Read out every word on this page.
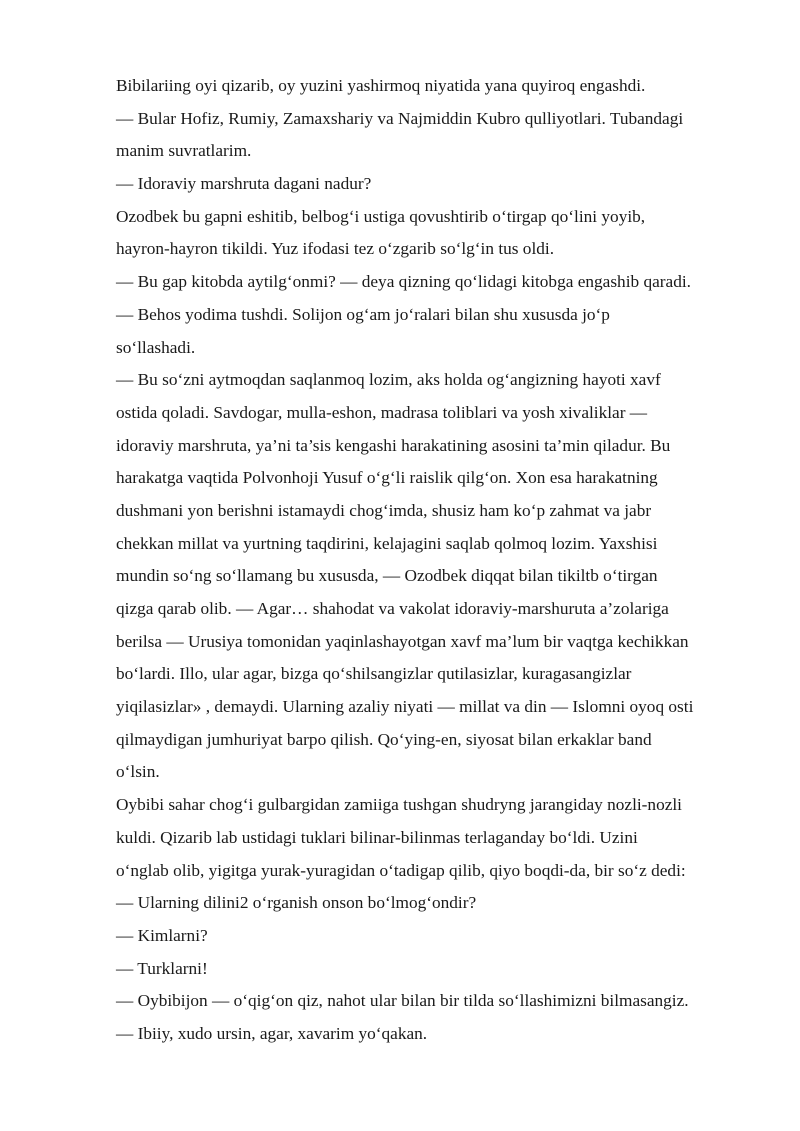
Bibilariing oyi qizarib, oy yuzini yashirmoq niyatida yana quyiroq engashdi.
— Bular Hofiz, Rumiy, Zamaxshariy va Najmiddin Kubro qulliyotlari. Tubandagi
manim suvratlarim.
— Idoraviy marshruta dagani nadur?
Ozodbek bu gapni eshitib, belbogʻi ustiga qovushtirib oʻtirgap qoʻlini yoyib,
hayron-hayron tikildi. Yuz ifodasi tez oʻzgarib soʻlgʻin tus oldi.
— Bu gap kitobda aytilgʻonmi? — deya qizning qoʻlidagi kitobga engashib qaradi.
— Behos yodima tushdi. Solijon ogʻam joʻralari bilan shu xususda joʻp
soʻllashadi.
— Bu soʻzni aytmoqdan saqlanmoq lozim, aks holda ogʻangizning hayoti xavf
ostida qoladi. Savdogar, mulla-eshon, madrasa toliblari va yosh xivaliklar —
idoraviy marshruta, ya’ni ta’sis kengashi harakatining asosini ta’min qiladur. Bu
harakatga vaqtida Polvonhoji Yusuf oʻgʻli raislik qilgʻon. Xon esa harakatning
dushmani yon berishni istamaydi chogʻimda, shusiz ham koʻp zahmat va jabr
chekkan millat va yurtning taqdirini, kelajagini saqlab qolmoq lozim. Yaxshisi
mundin soʻng soʻllamang bu xususda, — Ozodbek diqqat bilan tikiltb oʻtirgan
qizga qarab olib. — Agar… shahodat va vakolat idoraviy-marshuruta a’zolariga
berilsa — Urusiya tomonidan yaqinlashayotgan xavf ma’lum bir vaqtga kechikkan
boʻlardi. Illo, ular agar, bizga qoʻshilsangizlar qutilasizlar, kuragasangizlar
yiqilasizlar» , demaydi. Ularning azaliy niyati — millat va din — Islomni oyoq osti
qilmaydigan jumhuriyat barpo qilish. Qoʻying-en, siyosat bilan erkaklar band
oʻlsin.
Oybibi sahar chogʻi gulbargidan zamiiga tushgan shudryng jarangiday nozli-nozli
kuldi. Qizarib lab ustidagi tuklari bilinar-bilinmas terlaganday boʻldi. Uzini
oʻnglab olib, yigitga yurak-yuragidan oʻtadigap qilib, qiyo boqdi-da, bir soʻz dedi:
— Ularning dilini2 oʻrganish onson boʻlmogʻondir?
— Kimlarni?
— Turklarni!
— Oybibijon — oʻqigʻon qiz, nahot ular bilan bir tilda soʻllashimizni bilmasangiz.
— Ibiiy, xudo ursin, agar, xavarim yoʻqakan.
